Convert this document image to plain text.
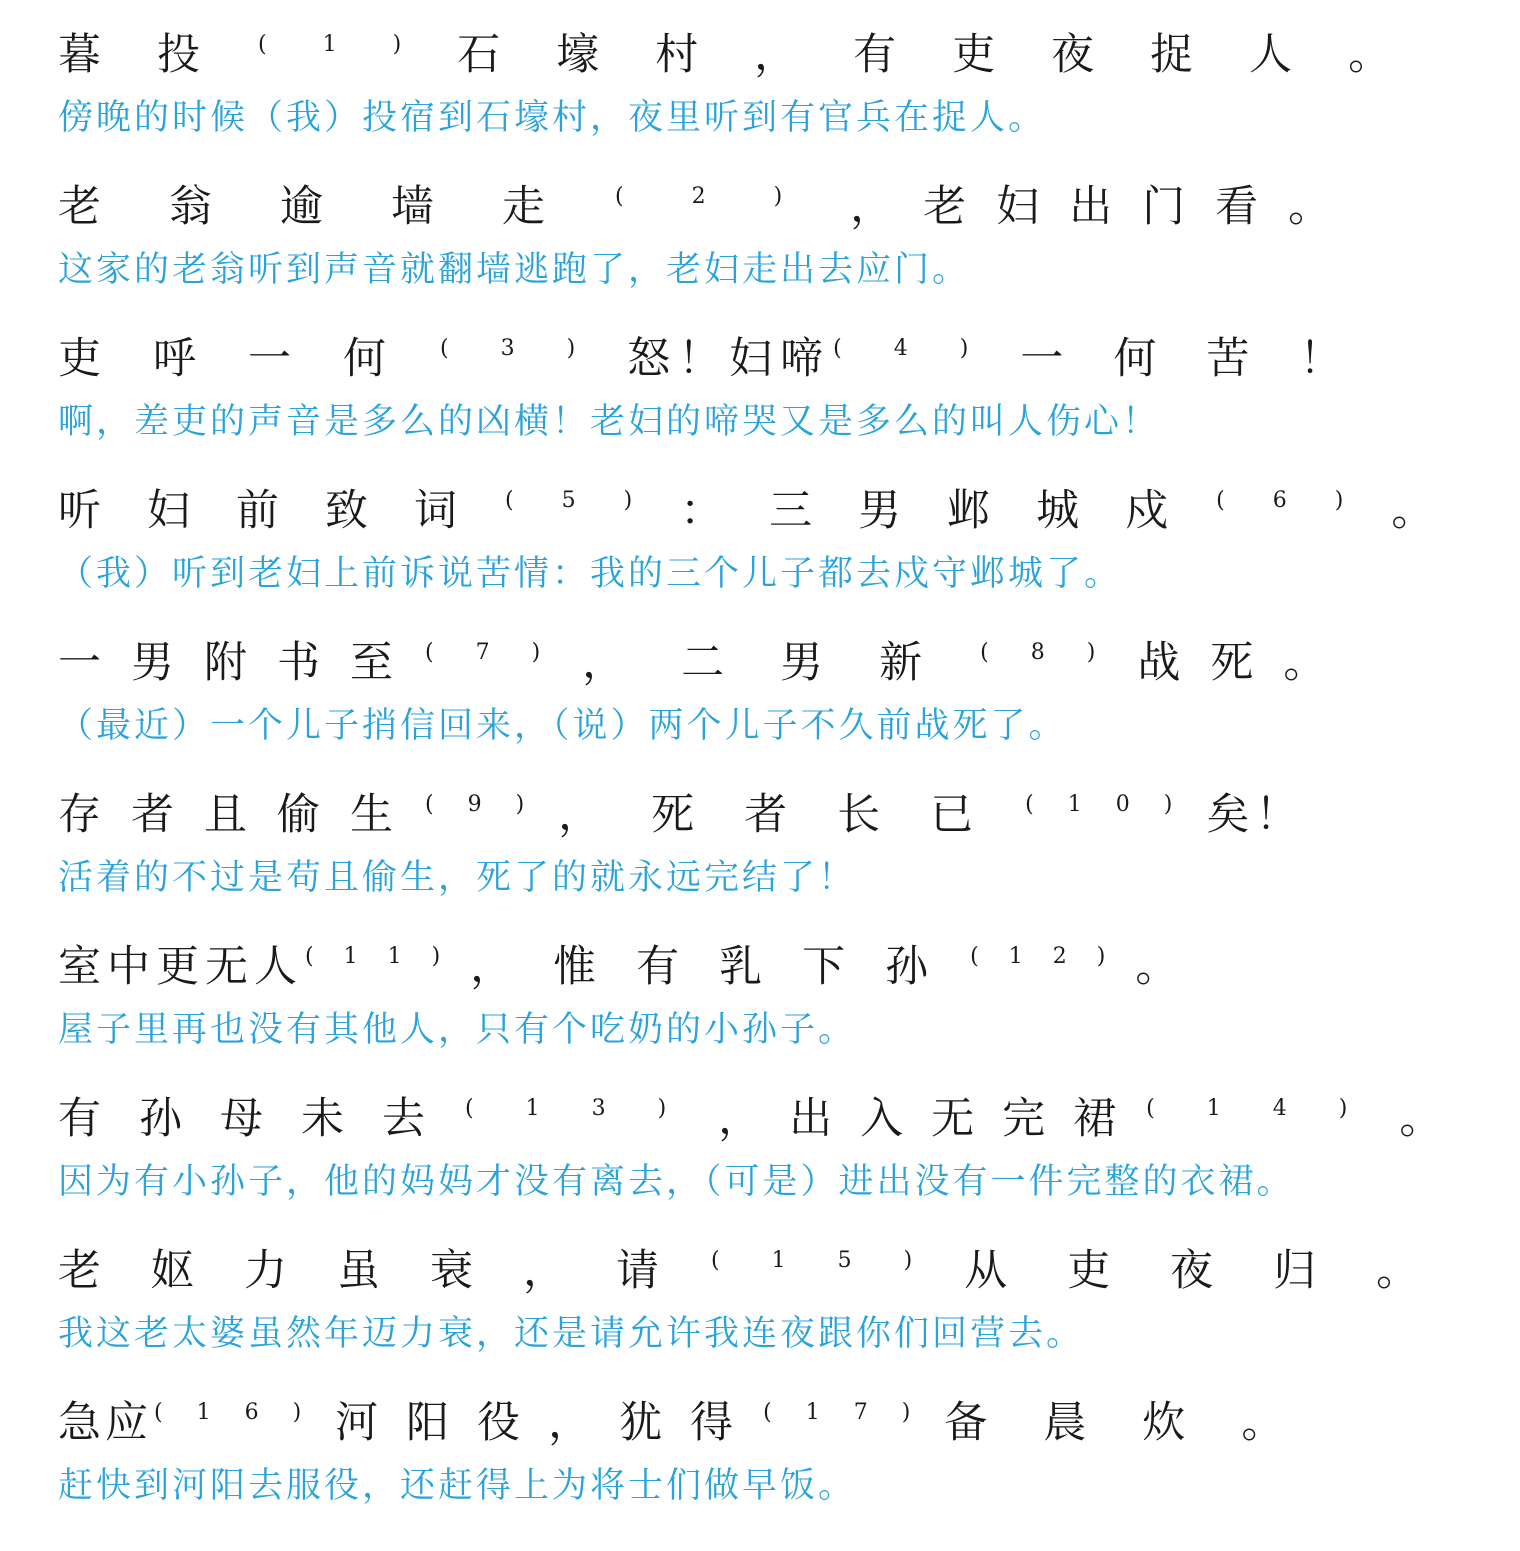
暮投$^{(1)}$石壕村，有吏夜捉人。
傍晚的时候（我）投宿到石壕村，夜里听到有官兵在捉人。
老翁逾墙走$^{(2)}$，老妇出门看。
这家的老翁听到声音就翻墙逃跑了，老妇走出去应门。
吏呼一何$^{(3)}$怒！妇啼$^{(4)}$一何苦！
啊，差吏的声音是多么的凶横！老妇的啼哭又是多么的叫人伤心！
听妇前致词$^{(5)}$：三男邺城戍$^{(6)}$。
（我）听到老妇上前诉说苦情：我的三个儿子都去戍守邺城了。
一男附书至$^{(7)}$，二男新$^{(8)}$战死。
（最近）一个儿子捎信回来，（说）两个儿子不久前战死了。
存者且偷生$^{(9)}$，死者长已$^{(10)}$矣！
活着的不过是苟且偷生，死了的就永远完结了！
室中更无人$^{(11)}$，惟有乳下孙$^{(12)}$。
屋子里再也没有其他人，只有个吃奶的小孙子。
有孙母未去$^{(13)}$，出入无完裙$^{(14)}$。
因为有小孙子，他的妈妈才没有离去，（可是）进出没有一件完整的衣裙。
老妪力虽衰，请$^{(15)}$从吏夜归。
我这老太婆虽然年迈力衰，还是请允许我连夜跟你们回营去。
急应$^{(16)}$河阳役，犹得$^{(17)}$备晨炊。
赶快到河阳去服役，还赶得上为将士们做早饭。
